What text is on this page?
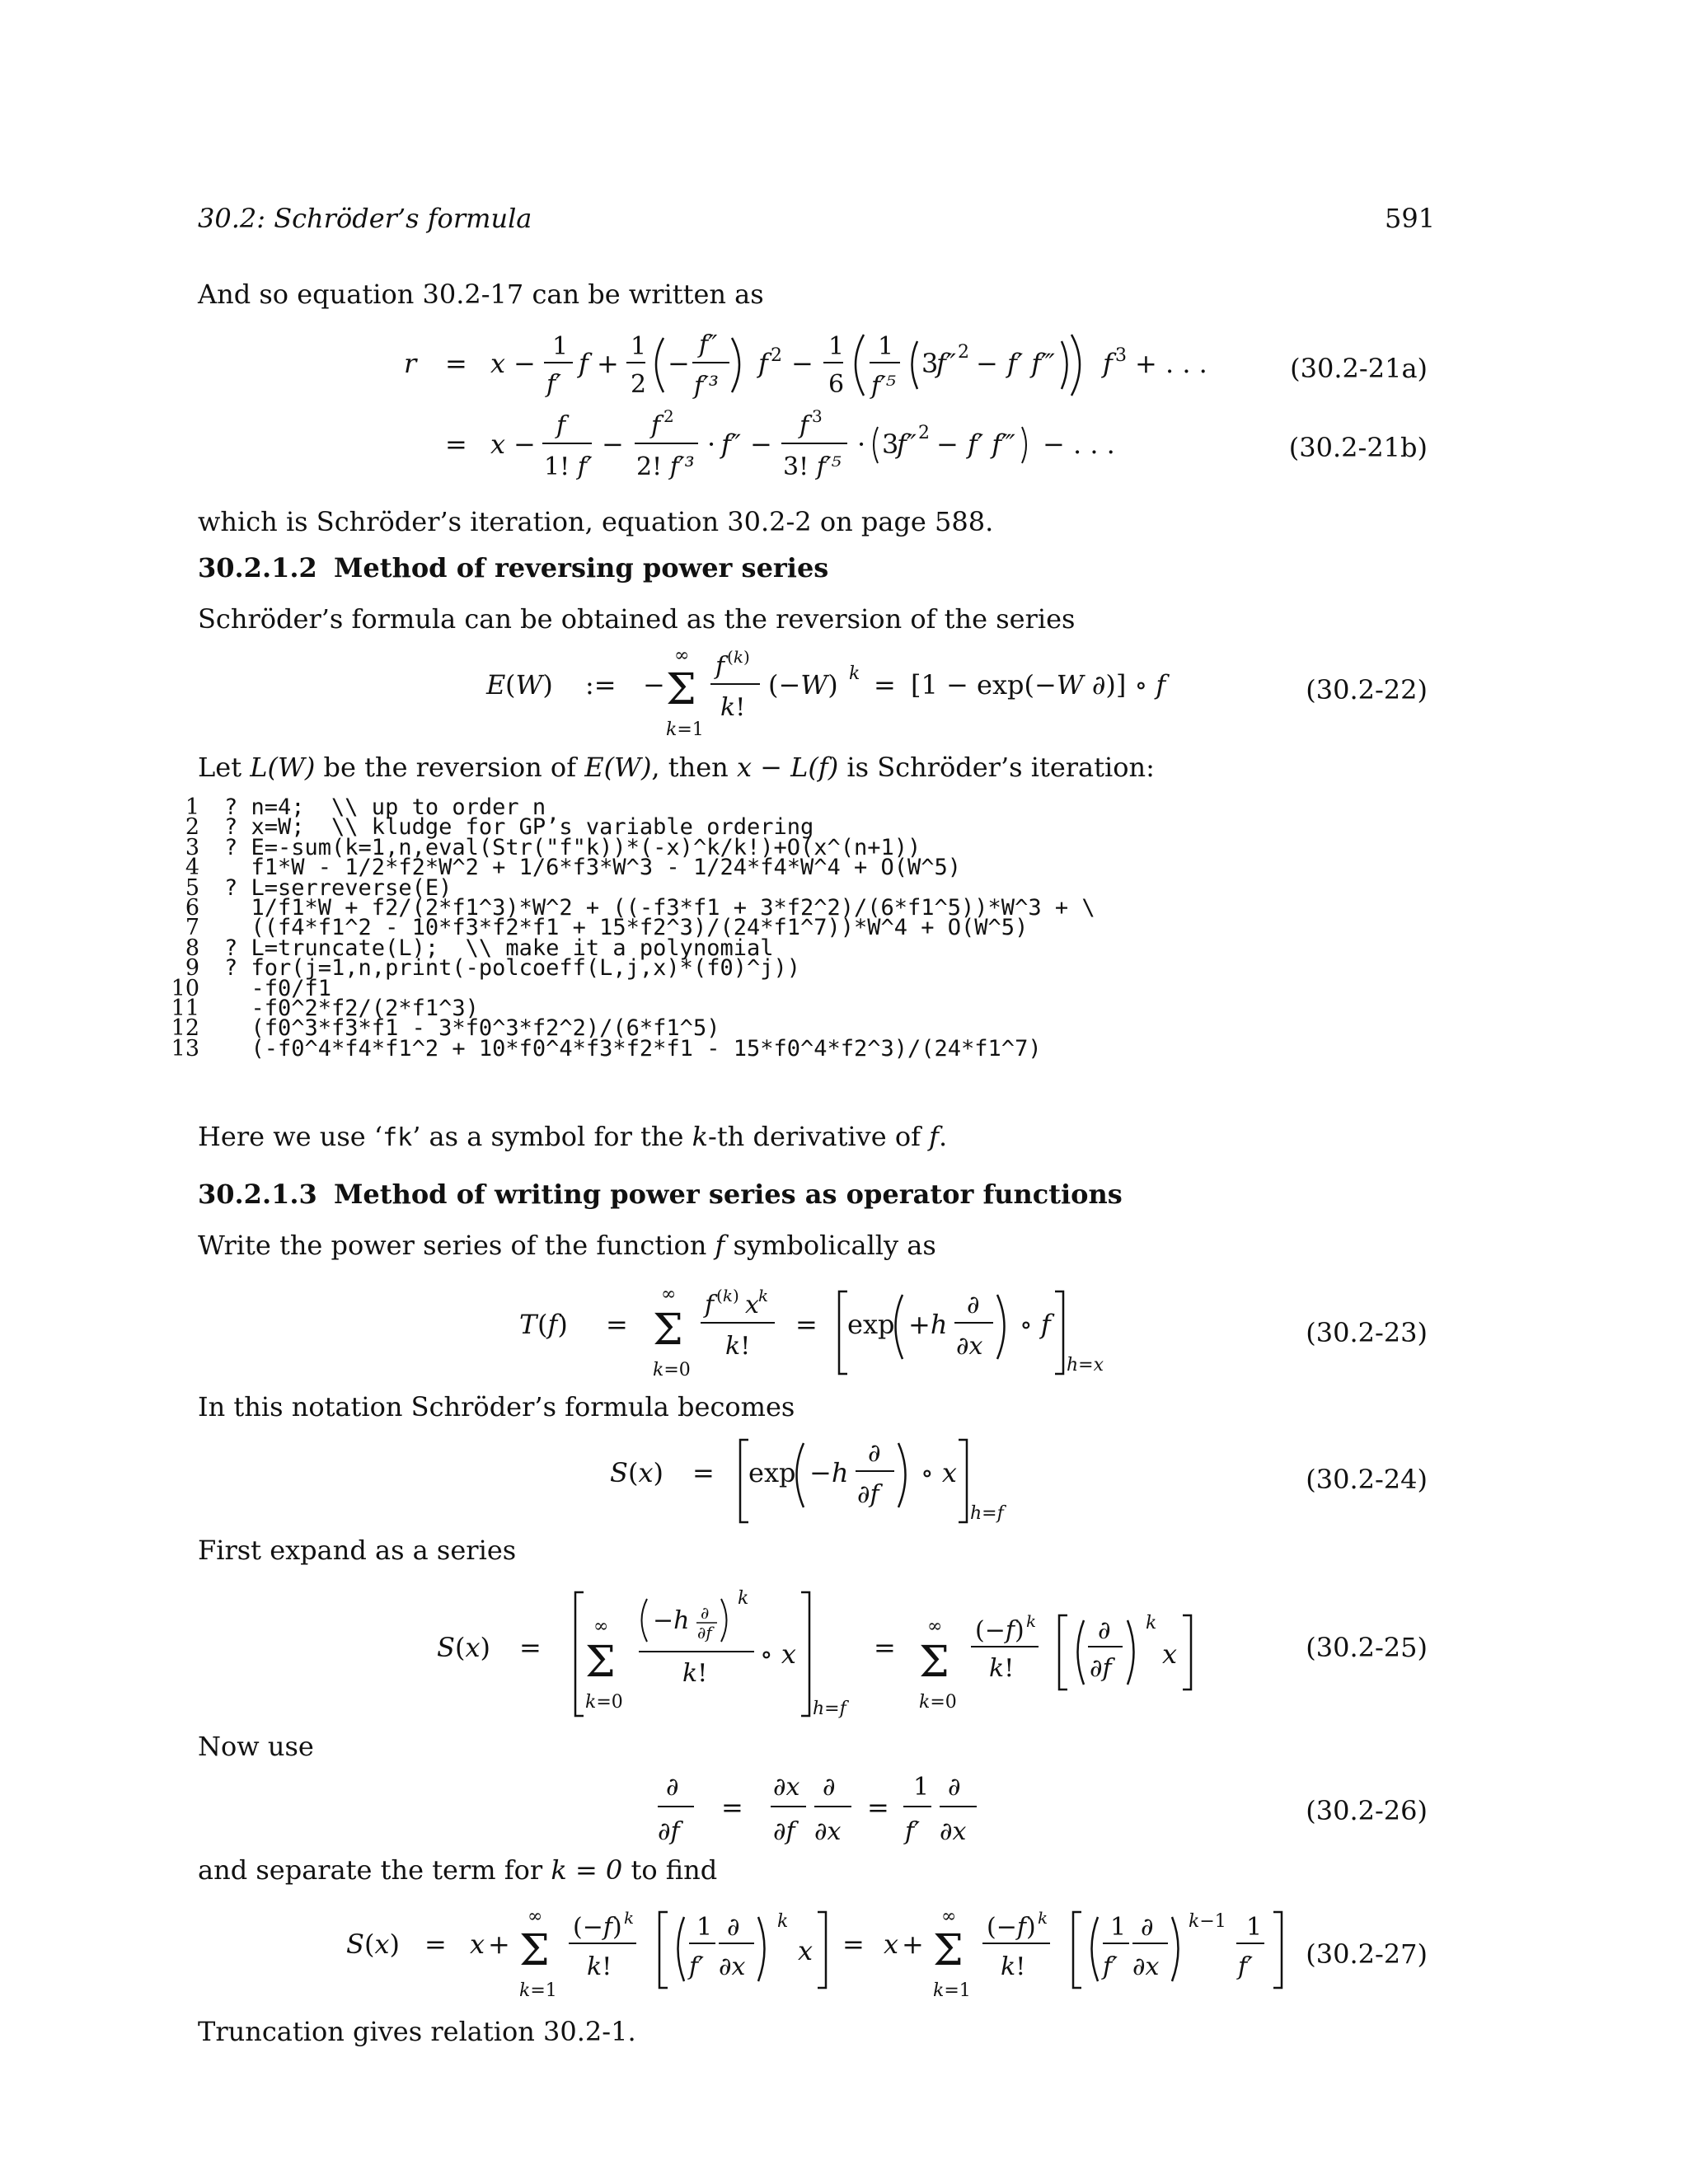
30.2: Schröder’s formula	591
And so equation 30.2-17 can be written as
r = x −
1
f′
f +
1
2
−
f″
f′³
f 2 −
1
6
1
f′⁵
3
f″ 2 − f′ f‴ f 3 + . . .	(30.2-21a)
= x −
f
1! f′
−
f 2
2! f′³
· f″ −
f 3
3! f′⁵
· 3
f″ 2 − f′ f‴ − . . .	(30.2-21b)
which is Schröder’s iteration, equation 30.2-2 on page 588.
30.2.1.2 Method of reversing power series
Schröder’s formula can be obtained as the reversion of the series
E (W) := −
∞
Σ
k=1
f (k)
k!
(−W) k = [1 − exp(−W ∂)] ∘ f	(30.2-22)
Let L(W) be the reversion of E(W), then x − L(f) is Schröder’s iteration:
1	? n=4;  \\ up to order n
2	? x=W;  \\ kludge for GP’s variable ordering
3	? E=-sum(k=1,n,eval(Str("f"k))*(-x)^k/k!)+O(x^(n+1))
4	f1*W - 1/2*f2*W^2 + 1/6*f3*W^3 - 1/24*f4*W^4 + O(W^5)
5	? L=serreverse(E)
6	1/f1*W + f2/(2*f1^3)*W^2 + ((-f3*f1 + 3*f2^2)/(6*f1^5))*W^3 + \
7	((f4*f1^2 - 10*f3*f2*f1 + 15*f2^3)/(24*f1^7))*W^4 + O(W^5)
8	? L=truncate(L);  \\ make it a polynomial
9	? for(j=1,n,print(-polcoeff(L,j,x)*(f0)^j))
10	-f0/f1
11	-f0^2*f2/(2*f1^3)
12	(f0^3*f3*f1 - 3*f0^3*f2^2)/(6*f1^5)
13	(-f0^4*f4*f1^2 + 10*f0^4*f3*f2*f1 - 15*f0^4*f2^3)/(24*f1^7)
Here we use ‘fk’ as a symbol for the k-th derivative of f.
30.2.1.3 Method of writing power series as operator functions
Write the power series of the function f symbolically as
T (f) =
∞
Σ
k=0
f (k) x k
k!
= exp +h
∂
∂x
∘ f
h=x
(30.2-23)
In this notation Schröder’s formula becomes
S (x) = exp −h
∂
∂f
∘ x
h=f
(30.2-24)
First expand as a series
S (x) =
∞
Σ
k=0
−h ∂
∂f
k
k!
∘ x
h=f
=
∞
Σ
k=0
(−f) k
k!
∂
∂f
k
x	(30.2-25)
Now use
∂
∂f
=
∂x
∂f
∂
∂x
=
1
f′
∂
∂x
(30.2-26)
and separate the term for k = 0 to find
S (x) = x +
∞
Σ
k=1
(−f) k
k!
1
f′
∂
∂x
k
x = x +
∞
Σ
k=1
(−f) k
k!
1
f′
∂
∂x
k−1 1
f′	(30.2-27)
Truncation gives relation 30.2-1.
